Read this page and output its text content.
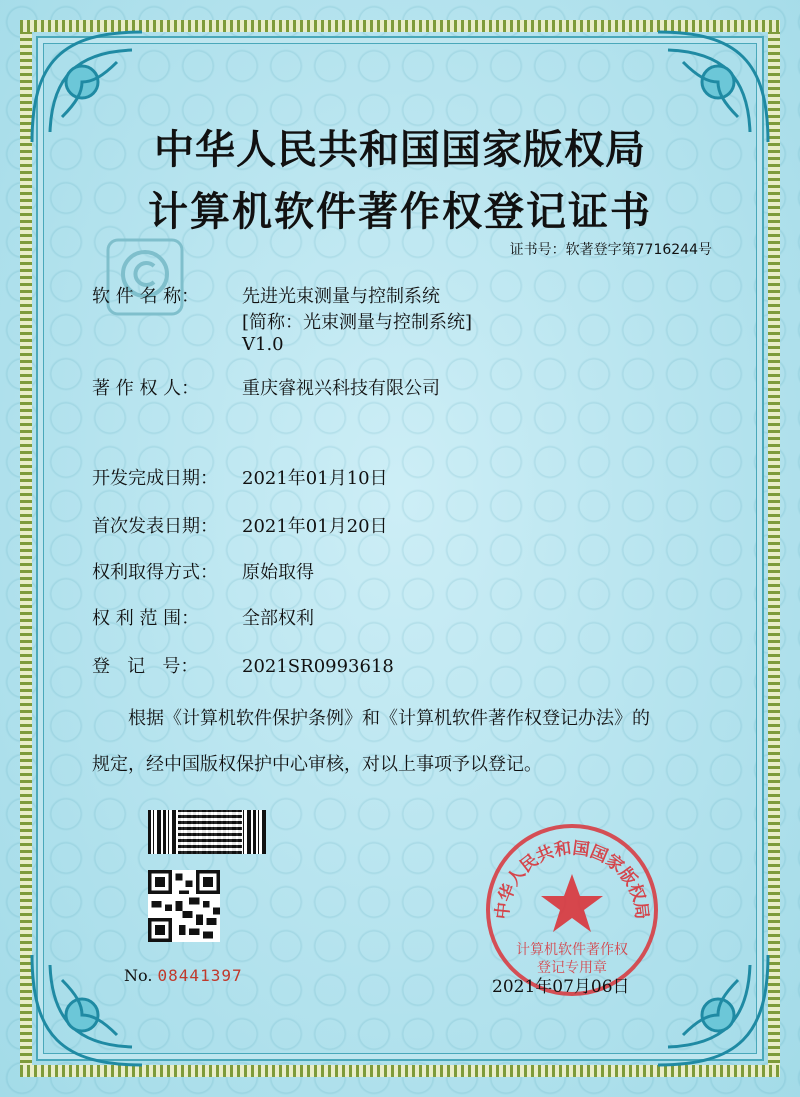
中华人民共和国国家版权局
计算机软件著作权登记证书
证书号：软著登字第7716244号
软 件 名 称： 先进光束测量与控制系统
[简称：光束测量与控制系统]
V1.0
著 作 权 人： 重庆睿视兴科技有限公司
开发完成日期： 2021年01月10日
首次发表日期： 2021年01月20日
权利取得方式： 原始取得
权 利 范 围： 全部权利
登   记   号： 2021SR0993618
根据《计算机软件保护条例》和《计算机软件著作权登记办法》的
规定，经中国版权保护中心审核，对以上事项予以登记。
No. 08441397
中华人民共和国国家版权局
计算机软件著作权
登记专用章
2021年07月06日
